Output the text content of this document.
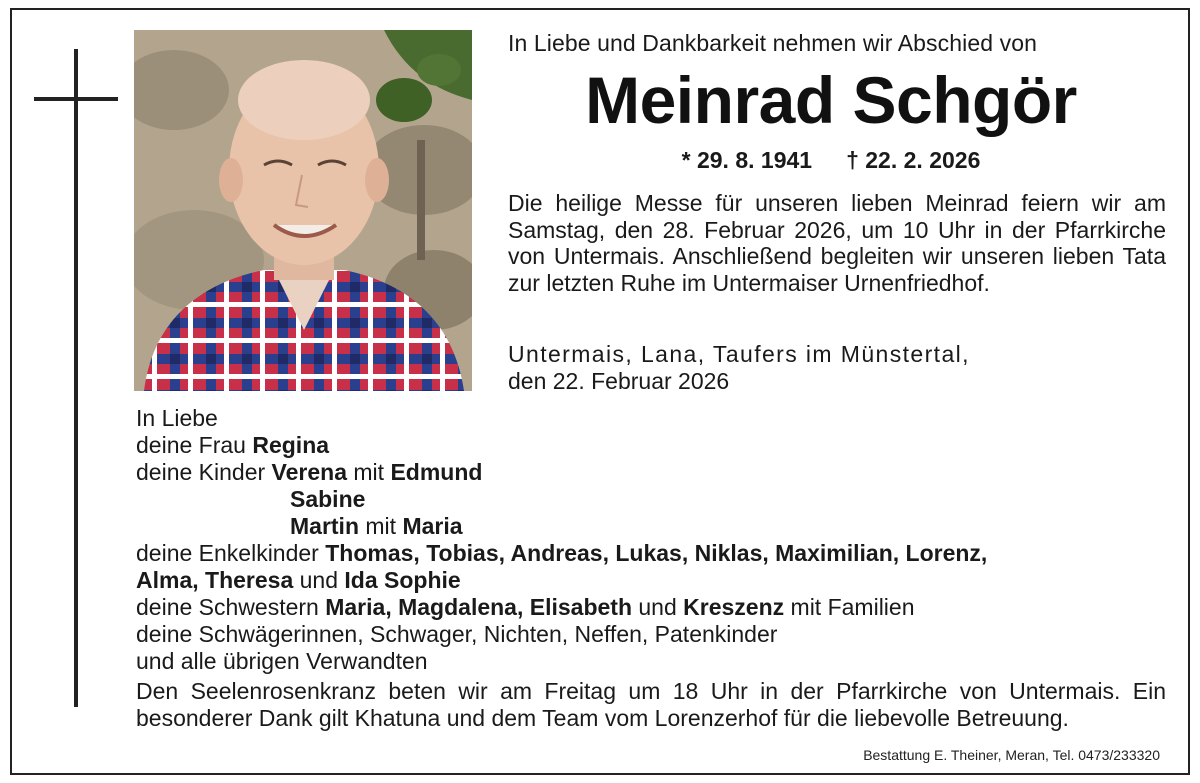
In Liebe und Dankbarkeit nehmen wir Abschied von
Meinrad Schgör
* 29. 8. 1941 † 22. 2. 2026
Die heilige Messe für unseren lieben Meinrad feiern wir am Samstag, den 28. Februar 2026, um 10 Uhr in der Pfarrkirche von Untermais. Anschließend begleiten wir unseren lieben Tata zur letzten Ruhe im Untermaiser Urnenfriedhof.
Untermais, Lana, Taufers im Münstertal,
den 22. Februar 2026
In Liebe
deine Frau Regina
deine Kinder Verena mit Edmund
Sabine
Martin mit Maria
deine Enkelkinder Thomas, Tobias, Andreas, Lukas, Niklas, Maximilian, Lorenz,
Alma, Theresa und Ida Sophie
deine Schwestern Maria, Magdalena, Elisabeth und Kreszenz mit Familien
deine Schwägerinnen, Schwager, Nichten, Neffen, Patenkinder
und alle übrigen Verwandten
Den Seelenrosenkranz beten wir am Freitag um 18 Uhr in der Pfarrkirche von Untermais. Ein besonderer Dank gilt Khatuna und dem Team vom Lorenzerhof für die liebevolle Betreuung.
Bestattung E. Theiner, Meran, Tel. 0473/233320
